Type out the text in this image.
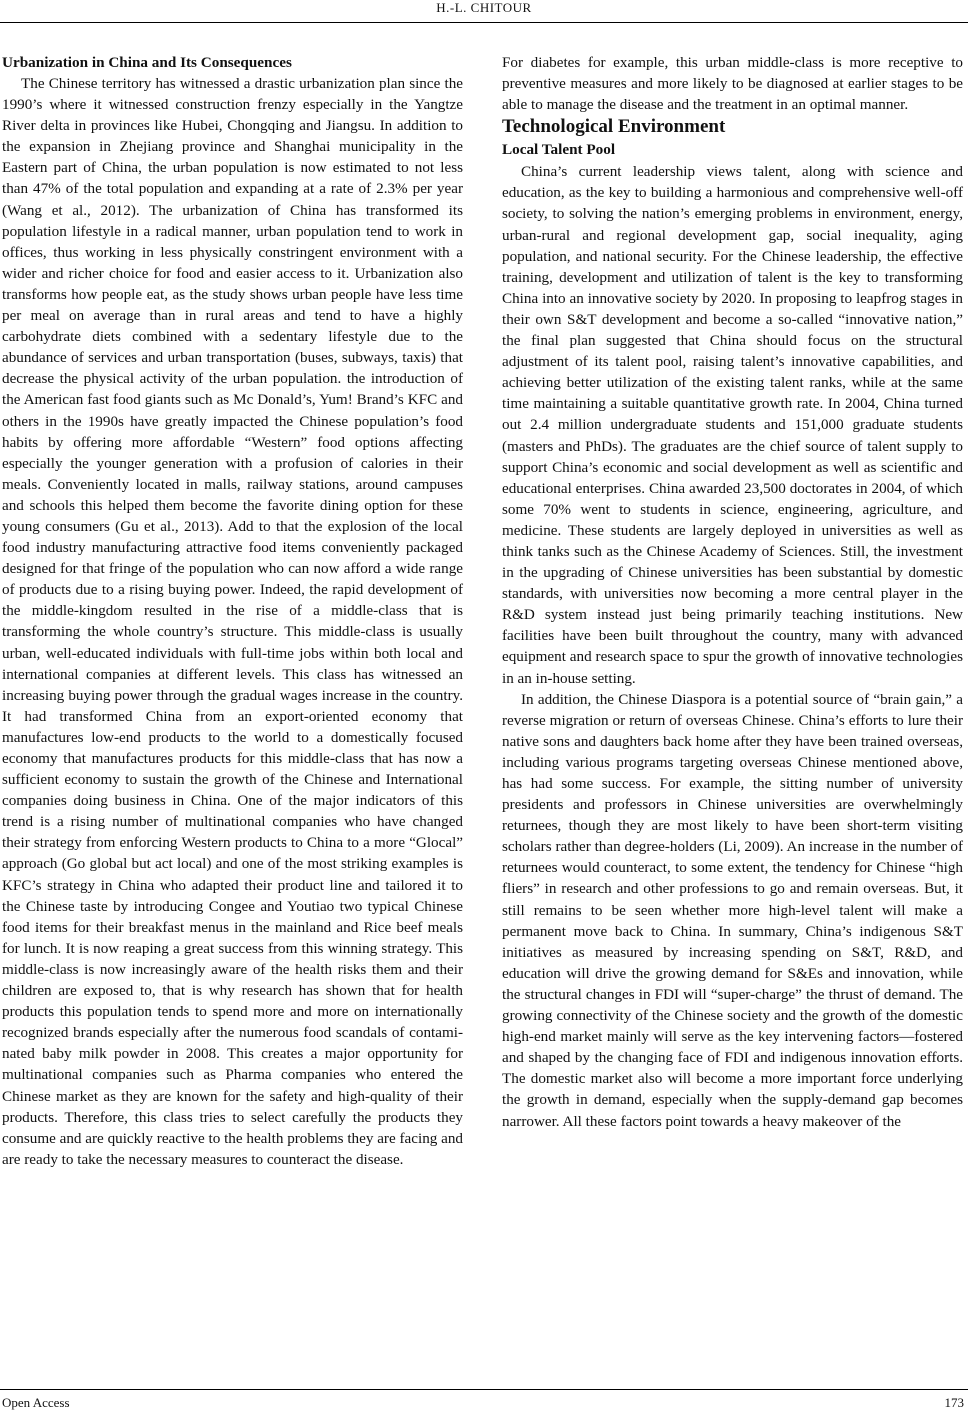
H.-L. CHITOUR

Urbanization in China and Its Consequences

The Chinese territory has witnessed a drastic urbanization plan since the 1990’s where it witnessed construction frenzy especially in the Yangtze River delta in provinces like Hubei, Chongqing and Jiangsu. In addition to the expansion in Zhejiang province and Shanghai municipality in the Eastern part of China, the urban population is now estimated to not less than 47% of the total population and expanding at a rate of 2.3% per year (Wang et al., 2012). The urbanization of China has transformed its population lifestyle in a radical manner, urban population tend to work in offices, thus working in less physically constringent environment with a wider and richer choice for food and easier access to it. Urbanization also transforms how people eat, as the study shows urban people have less time per meal on average than in rural areas and tend to have a highly carbohydrate diets combined with a sedentary lifestyle due to the abundance of services and urban transportation (buses, subways, taxis) that decrease the physical activity of the urban population. the introduction of the American fast food giants such as Mc Donald’s, Yum! Brand’s KFC and others in the 1990s have greatly impacted the Chinese population’s food habits by offering more affordable “Western” food options affecting especially the younger generation with a profusion of calories in their meals. Conveniently located in malls, railway stations, around campuses and schools this helped them become the favorite dining option for these young consumers (Gu et al., 2013). Add to that the explosion of the local food industry manufacturing attractive food items conveniently packaged designed for that fringe of the population who can now afford a wide range of products due to a rising buying power. Indeed, the rapid development of the middle-kingdom resulted in the rise of a middle-class that is transforming the whole country’s structure. This middle-class is usually urban, well-educated individuals with full-time jobs within both local and international companies at different levels. This class has witnessed an increasing buying power through the gradual wages increase in the country. It had transformed China from an export-oriented economy that manufactures low-end products to the world to a domestically focused economy that manufactures products for this middle-class that has now a sufficient economy to sustain the growth of the Chinese and International companies doing business in China. One of the major indicators of this trend is a rising number of multinational companies who have changed their strategy from enforcing Western products to China to a more “Glocal” approach (Go global but act local) and one of the most striking examples is KFC’s strategy in China who adapted their product line and tailored it to the Chinese taste by introducing Congee and Youtiao two typical Chinese food items for their breakfast menus in the mainland and Rice beef meals for lunch. It is now reaping a great success from this winning strategy. This middle-class is now increasingly aware of the health risks them and their children are exposed to, that is why research has shown that for health products this population tends to spend more and more on internationally recognized brands especially after the numerous food scandals of contaminated baby milk powder in 2008. This creates a major opportunity for multinational companies such as Pharma companies who entered the Chinese market as they are known for the safety and high-quality of their products. Therefore, this class tries to select carefully the products they consume and are quickly reactive to the health problems they are facing and are ready to take the necessary measures to counteract the disease.

For diabetes for example, this urban middle-class is more receptive to preventive measures and more likely to be diagnosed at earlier stages to be able to manage the disease and the treatment in an optimal manner.

Technological Environment

Local Talent Pool

China’s current leadership views talent, along with science and education, as the key to building a harmonious and comprehensive well-off society, to solving the nation’s emerging problems in environment, energy, urban-rural and regional development gap, social inequality, aging population, and national security. For the Chinese leadership, the effective training, development and utilization of talent is the key to transforming China into an innovative society by 2020. In proposing to leapfrog stages in their own S&T development and become a so-called “innovative nation,” the final plan suggested that China should focus on the structural adjustment of its talent pool, raising talent’s innovative capabilities, and achieving better utilization of the existing talent ranks, while at the same time maintaining a suitable quantitative growth rate. In 2004, China turned out 2.4 million undergraduate students and 151,000 graduate students (masters and PhDs). The graduates are the chief source of talent supply to support China’s economic and social development as well as scientific and educational enterprises. China awarded 23,500 doctorates in 2004, of which some 70% went to students in science, engineering, agriculture, and medicine. These students are largely deployed in universities as well as think tanks such as the Chinese Academy of Sciences. Still, the investment in the upgrading of Chinese universities has been substantial by domestic standards, with universities now becoming a more central player in the R&D system instead just being primarily teaching institutions. New facilities have been built throughout the country, many with advanced equipment and research space to spur the growth of innovative technologies in an in-house setting.

In addition, the Chinese Diaspora is a potential source of “brain gain,” a reverse migration or return of overseas Chinese. China’s efforts to lure their native sons and daughters back home after they have been trained overseas, including various programs targeting overseas Chinese mentioned above, has had some success. For example, the sitting number of university presidents and professors in Chinese universities are overwhelmingly returnees, though they are most likely to have been short-term visiting scholars rather than degree-holders (Li, 2009). An increase in the number of returnees would counteract, to some extent, the tendency for Chinese “high fliers” in research and other professions to go and remain overseas. But, it still remains to be seen whether more high-level talent will make a permanent move back to China. In summary, China’s indigenous S&T initiatives as measured by increasing spending on S&T, R&D, and education will drive the growing demand for S&Es and innovation, while the structural changes in FDI will “super-charge” the thrust of demand. The growing connectivity of the Chinese society and the growth of the domestic high-end market mainly will serve as the key intervening factors—fostered and shaped by the changing face of FDI and indigenous innovation efforts. The domestic market also will become a more important force underlying the growth in demand, especially when the supply-demand gap becomes narrower. All these factors point towards a heavy makeover of the

Open Access	173
